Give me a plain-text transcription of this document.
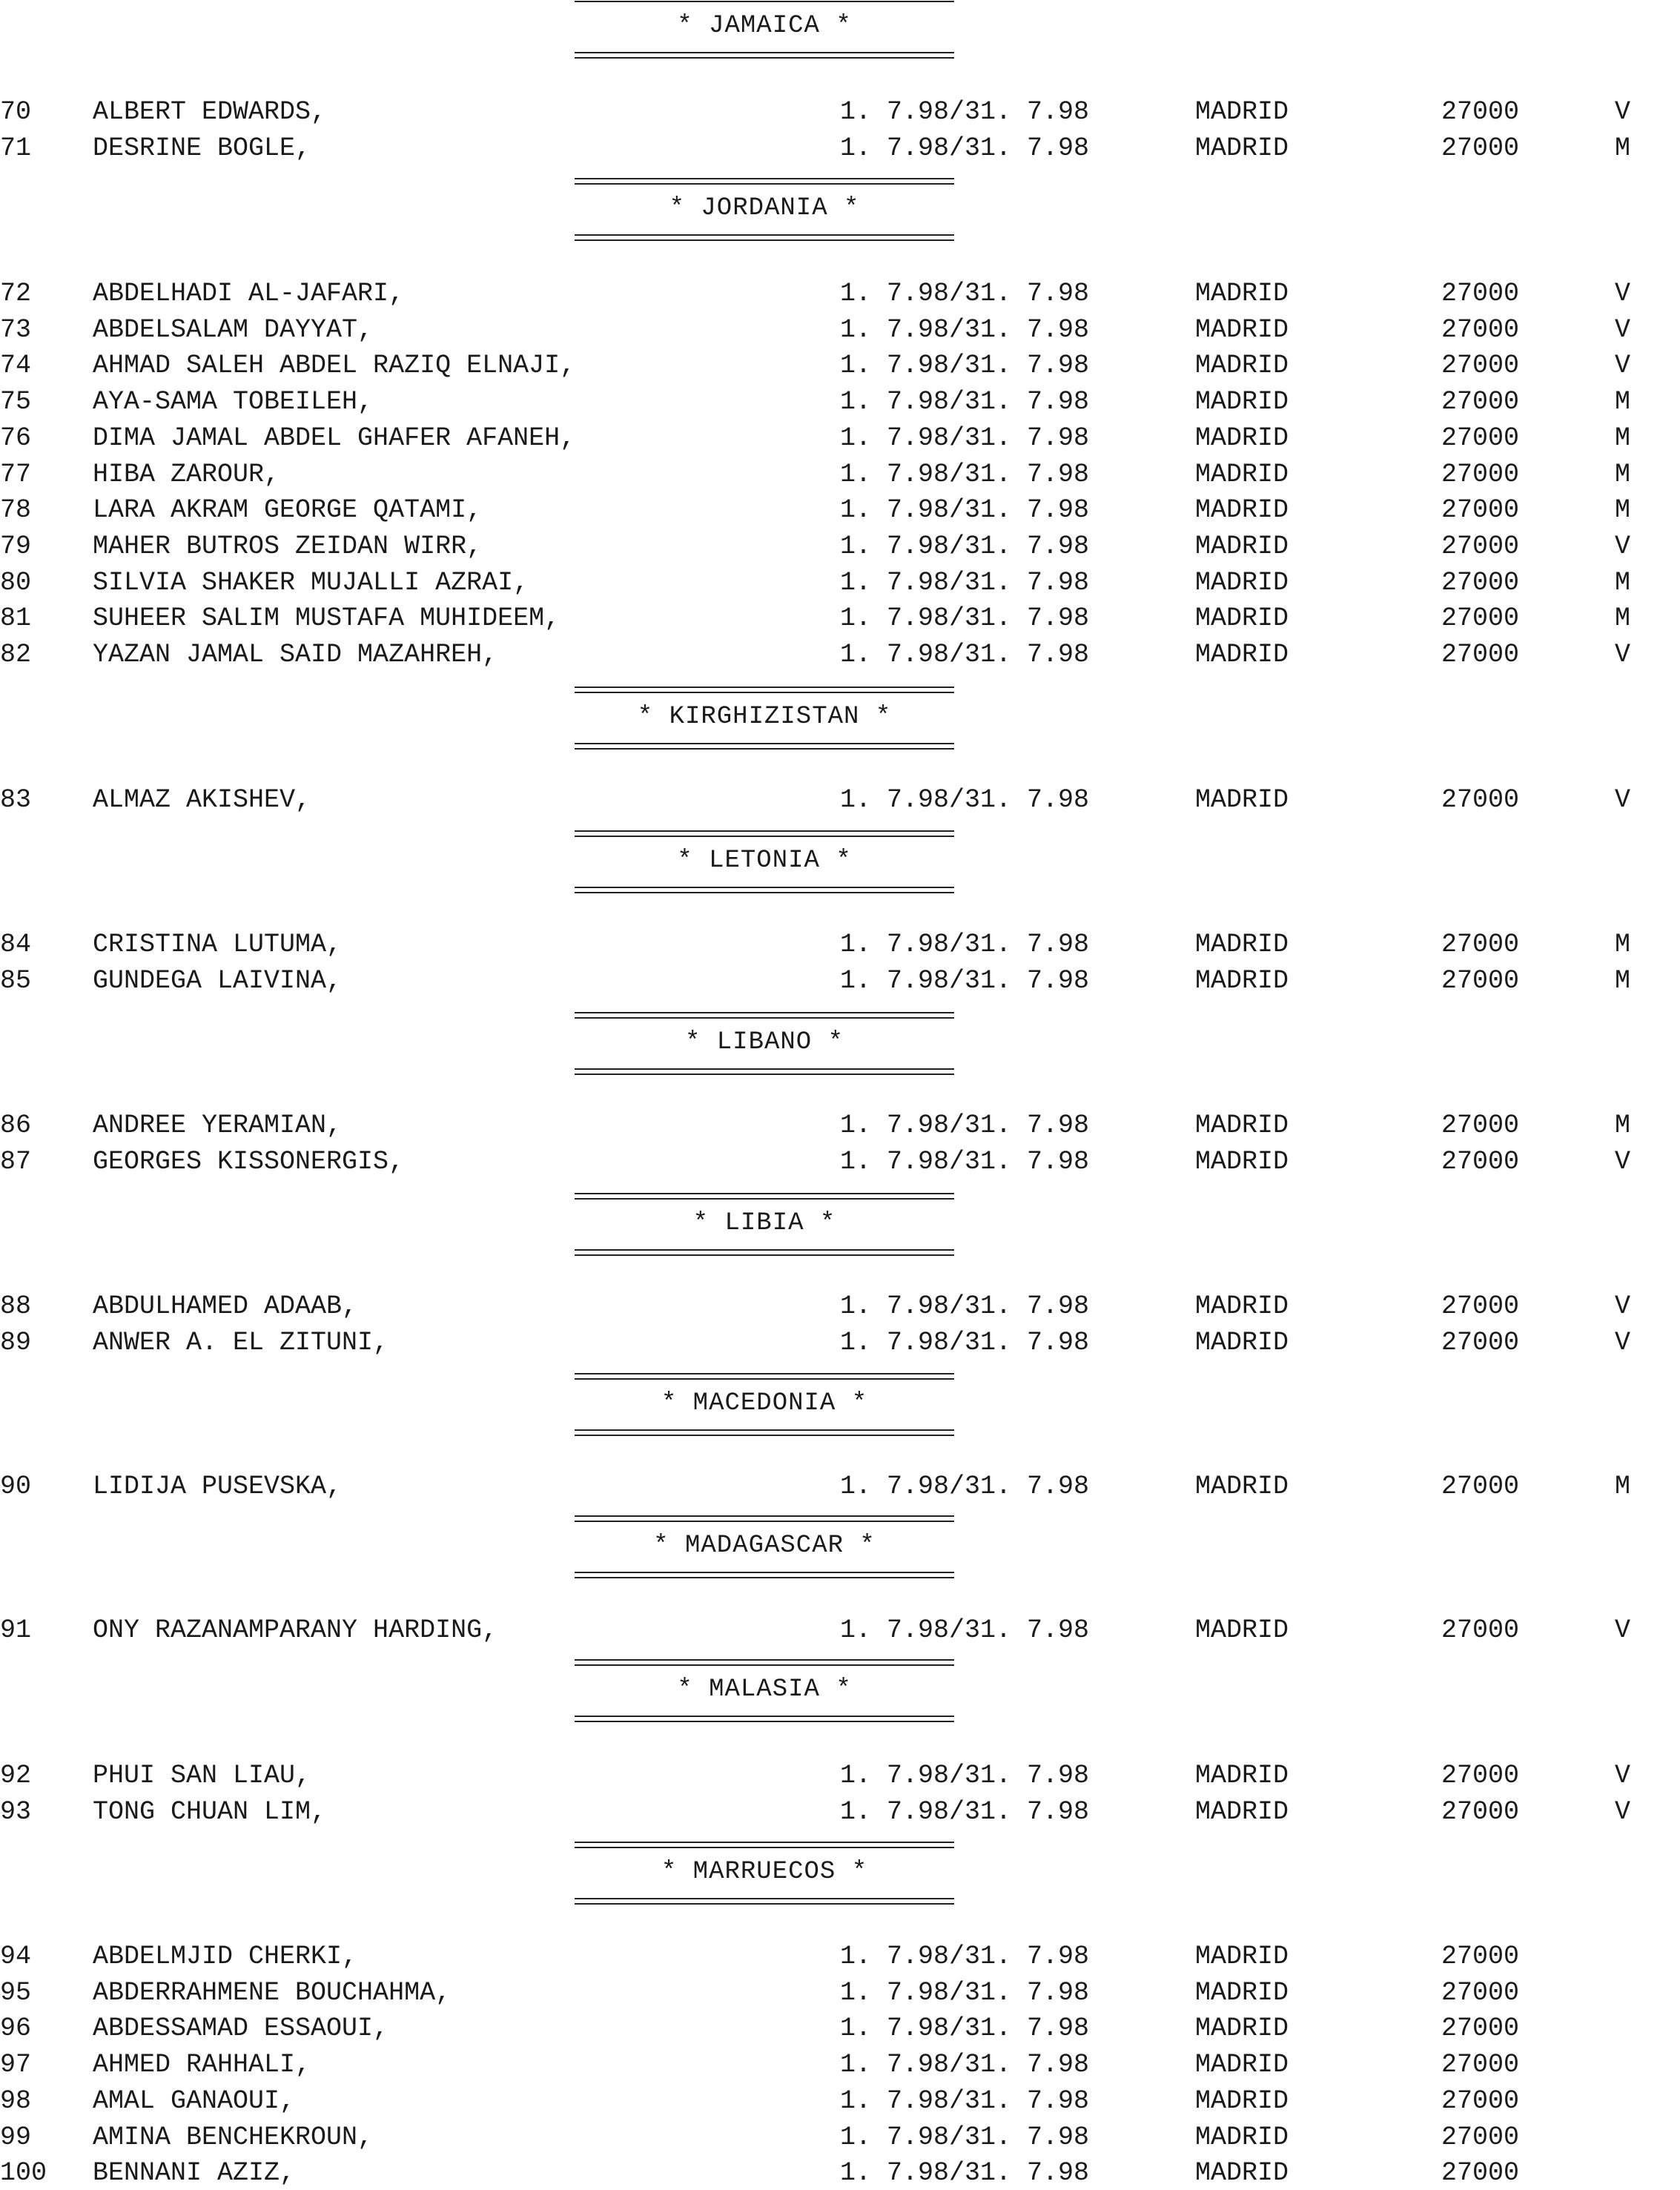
* JAMAICA *
70 ALBERT EDWARDS,	1. 7.98/31. 7.98	MADRID	27000	V
71 DESRINE BOGLE,	1. 7.98/31. 7.98	MADRID	27000	M
* JORDANIA *
72 ABDELHADI AL-JAFARI,	1. 7.98/31. 7.98	MADRID	27000	V
73 ABDELSALAM DAYYAT,	1. 7.98/31. 7.98	MADRID	27000	V
74 AHMAD SALEH ABDEL RAZIQ ELNAJI,	1. 7.98/31. 7.98	MADRID	27000	V
75 AYA-SAMA TOBEILEH,	1. 7.98/31. 7.98	MADRID	27000	M
76 DIMA JAMAL ABDEL GHAFER AFANEH,	1. 7.98/31. 7.98	MADRID	27000	M
77 HIBA ZAROUR,	1. 7.98/31. 7.98	MADRID	27000	M
78 LARA AKRAM GEORGE QATAMI,	1. 7.98/31. 7.98	MADRID	27000	M
79 MAHER BUTROS ZEIDAN WIRR,	1. 7.98/31. 7.98	MADRID	27000	V
80 SILVIA SHAKER MUJALLI AZRAI,	1. 7.98/31. 7.98	MADRID	27000	M
81 SUHEER SALIM MUSTAFA MUHIDEEM,	1. 7.98/31. 7.98	MADRID	27000	M
82 YAZAN JAMAL SAID MAZAHREH,	1. 7.98/31. 7.98	MADRID	27000	V
* KIRGHIZISTAN *
83 ALMAZ AKISHEV,	1. 7.98/31. 7.98	MADRID	27000	V
* LETONIA *
84 CRISTINA LUTUMA,	1. 7.98/31. 7.98	MADRID	27000	M
85 GUNDEGA LAIVINA,	1. 7.98/31. 7.98	MADRID	27000	M
* LIBANO *
86 ANDREE YERAMIAN,	1. 7.98/31. 7.98	MADRID	27000	M
87 GEORGES KISSONERGIS,	1. 7.98/31. 7.98	MADRID	27000	V
* LIBIA *
88 ABDULHAMED ADAAB,	1. 7.98/31. 7.98	MADRID	27000	V
89 ANWER A. EL ZITUNI,	1. 7.98/31. 7.98	MADRID	27000	V
* MACEDONIA *
90 LIDIJA PUSEVSKA,	1. 7.98/31. 7.98	MADRID	27000	M
* MADAGASCAR *
91 ONY RAZANAMPARANY HARDING,	1. 7.98/31. 7.98	MADRID	27000	V
* MALASIA *
92 PHUI SAN LIAU,	1. 7.98/31. 7.98	MADRID	27000	V
93 TONG CHUAN LIM,	1. 7.98/31. 7.98	MADRID	27000	V
* MARRUECOS *
94 ABDELMJID CHERKI,	1. 7.98/31. 7.98	MADRID	27000
95 ABDERRAHMENE BOUCHAHMA,	1. 7.98/31. 7.98	MADRID	27000
96 ABDESSAMAD ESSAOUI,	1. 7.98/31. 7.98	MADRID	27000
97 AHMED RAHHALI,	1. 7.98/31. 7.98	MADRID	27000
98 AMAL GANAOUI,	1. 7.98/31. 7.98	MADRID	27000
99 AMINA BENCHEKROUN,	1. 7.98/31. 7.98	MADRID	27000
100 BENNANI AZIZ,	1. 7.98/31. 7.98	MADRID	27000
